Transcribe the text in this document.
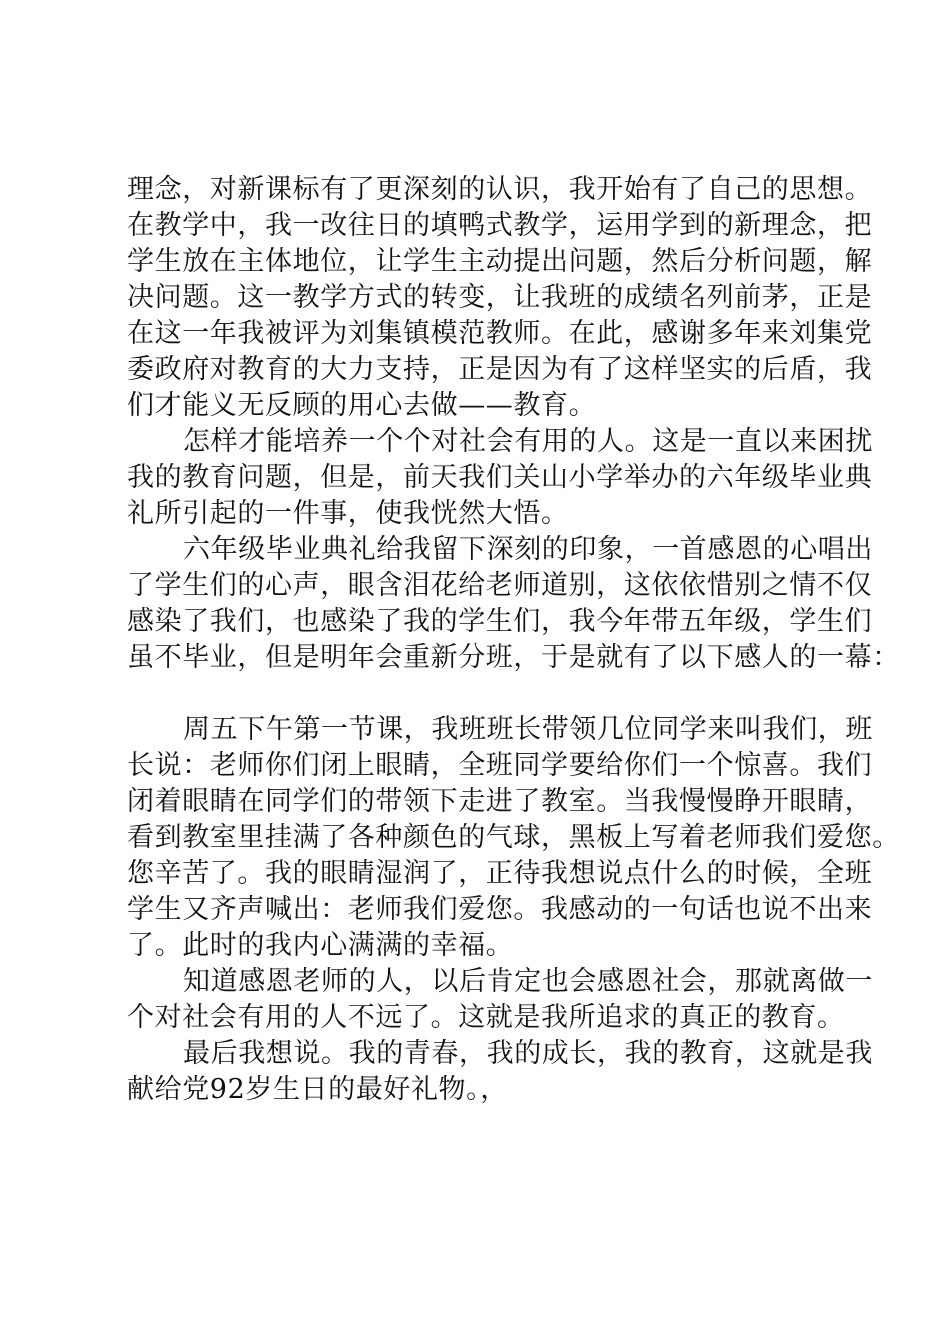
理念，对新课标有了更深刻的认识，我开始有了自己的思想。
在教学中，我一改往日的填鸭式教学，运用学到的新理念，把
学生放在主体地位，让学生主动提出问题，然后分析问题，解
决问题。这一教学方式的转变，让我班的成绩名列前茅，正是
在这一年我被评为刘集镇模范教师。在此，感谢多年来刘集党
委政府对教育的大力支持，正是因为有了这样坚实的后盾，我
们才能义无反顾的用心去做——教育。
怎样才能培养一个个对社会有用的人。这是一直以来困扰
我的教育问题，但是，前天我们关山小学举办的六年级毕业典
礼所引起的一件事，使我恍然大悟。
六年级毕业典礼给我留下深刻的印象，一首感恩的心唱出
了学生们的心声，眼含泪花给老师道别，这依依惜别之情不仅
感染了我们，也感染了我的学生们，我今年带五年级，学生们
虽不毕业，但是明年会重新分班，于是就有了以下感人的一幕：
周五下午第一节课，我班班长带领几位同学来叫我们，班
长说：老师你们闭上眼睛，全班同学要给你们一个惊喜。我们
闭着眼睛在同学们的带领下走进了教室。当我慢慢睁开眼睛，
看到教室里挂满了各种颜色的气球，黑板上写着老师我们爱您。
您辛苦了。我的眼睛湿润了，正待我想说点什么的时候，全班
学生又齐声喊出：老师我们爱您。我感动的一句话也说不出来
了。此时的我内心满满的幸福。
知道感恩老师的人，以后肯定也会感恩社会，那就离做一
个对社会有用的人不远了。这就是我所追求的真正的教育。
最后我想说。我的青春，我的成长，我的教育，这就是我
献给党92岁生日的最好礼物。，
